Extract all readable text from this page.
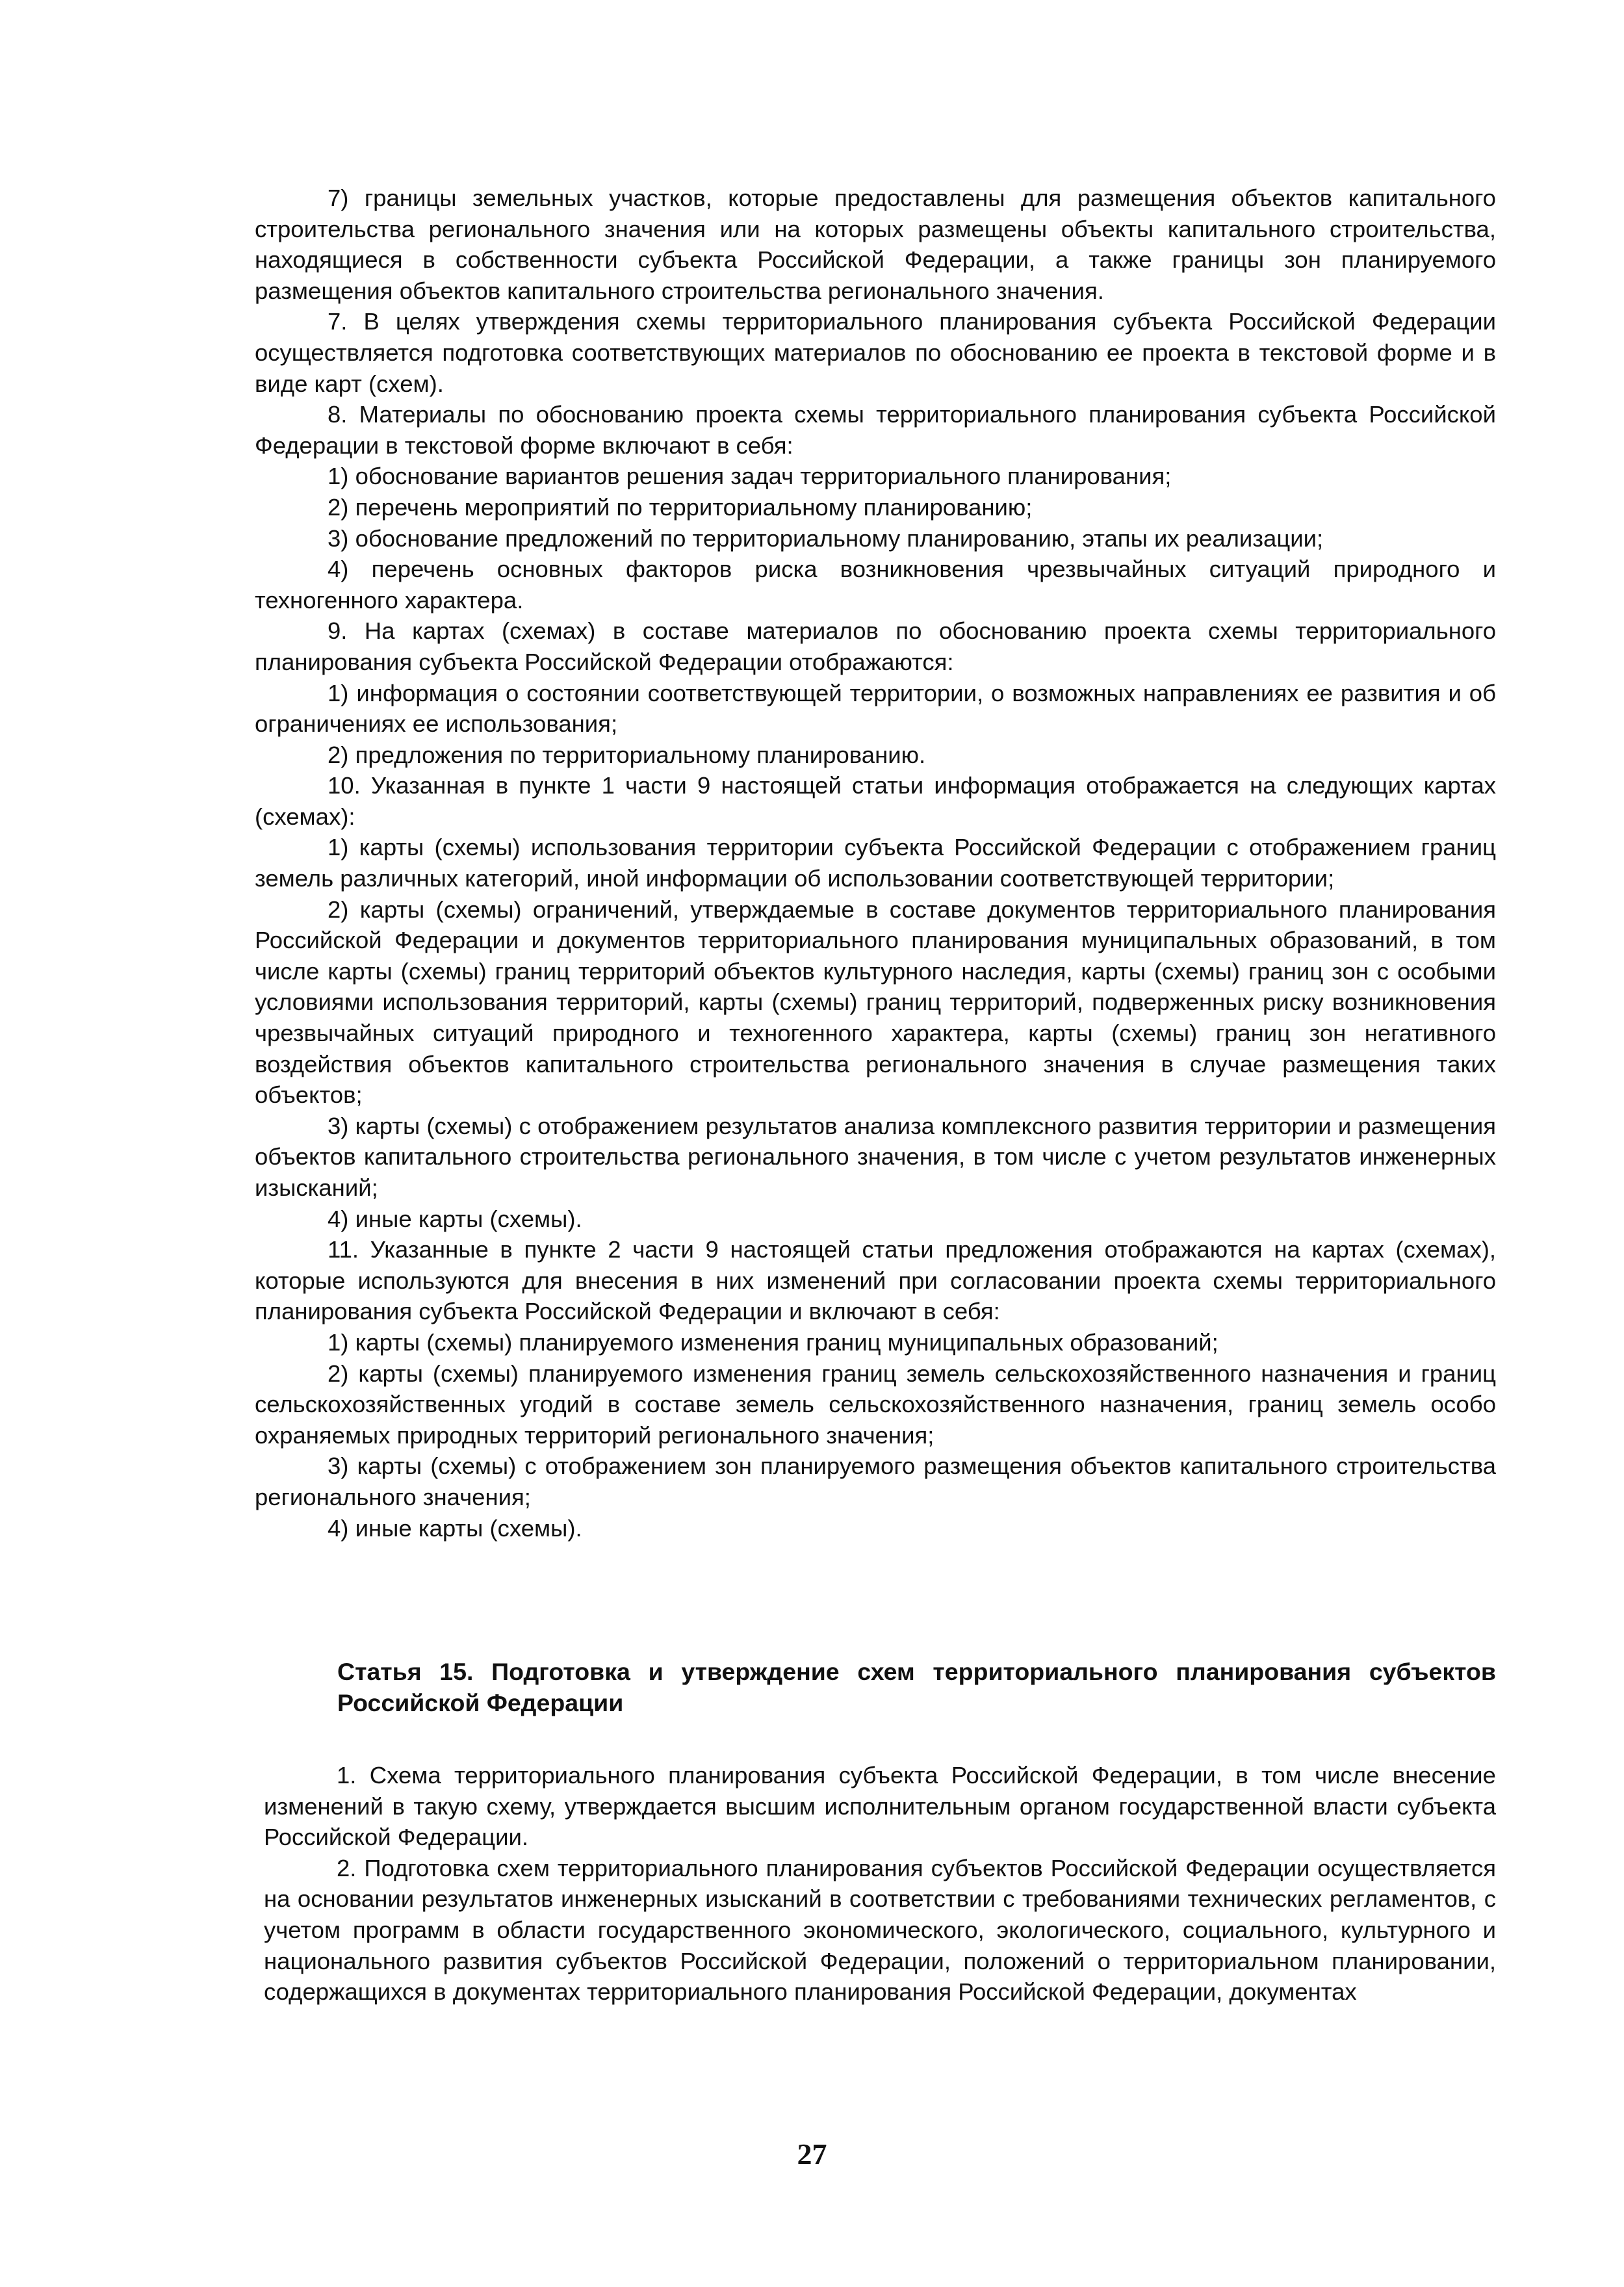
7) границы земельных участков, которые предоставлены для размещения объектов капитального строительства регионального значения или на которых размещены объекты капитального строительства, находящиеся в собственности субъекта Российской Федерации, а также границы зон планируемого размещения объектов капитального строительства регионального значения.

7. В целях утверждения схемы территориального планирования субъекта Российской Федерации осуществляется подготовка соответствующих материалов по обоснованию ее проекта в текстовой форме и в виде карт (схем).

8. Материалы по обоснованию проекта схемы территориального планирования субъекта Российской Федерации в текстовой форме включают в себя:

1) обоснование вариантов решения задач территориального планирования;

2) перечень мероприятий по территориальному планированию;

3) обоснование предложений по территориальному планированию, этапы их реализации;

4) перечень основных факторов риска возникновения чрезвычайных ситуаций природного и техногенного характера.

9. На картах (схемах) в составе материалов по обоснованию проекта схемы территориального планирования субъекта Российской Федерации отображаются:

1) информация о состоянии соответствующей территории, о возможных направлениях ее развития и об ограничениях ее использования;

2) предложения по территориальному планированию.

10. Указанная в пункте 1 части 9 настоящей статьи информация отображается на следующих картах (схемах):

1) карты (схемы) использования территории субъекта Российской Федерации с отображением границ земель различных категорий, иной информации об использовании соответствующей территории;

2) карты (схемы) ограничений, утверждаемые в составе документов территориального планирования Российской Федерации и документов территориального планирования муниципальных образований, в том числе карты (схемы) границ территорий объектов культурного наследия, карты (схемы) границ зон с особыми условиями использования территорий, карты (схемы) границ территорий, подверженных риску возникновения чрезвычайных ситуаций природного и техногенного характера, карты (схемы) границ зон негативного воздействия объектов капитального строительства регионального значения в случае размещения таких объектов;

3) карты (схемы) с отображением результатов анализа комплексного развития территории и размещения объектов капитального строительства регионального значения, в том числе с учетом результатов инженерных изысканий;

4) иные карты (схемы).

11. Указанные в пункте 2 части 9 настоящей статьи предложения отображаются на картах (схемах), которые используются для внесения в них изменений при согласовании проекта схемы территориального планирования субъекта Российской Федерации и включают в себя:

1) карты (схемы) планируемого изменения границ муниципальных образований;

2) карты (схемы) планируемого изменения границ земель сельскохозяйственного назначения и границ сельскохозяйственных угодий в составе земель сельскохозяйственного назначения, границ земель особо охраняемых природных территорий регионального значения;

3) карты (схемы) с отображением зон планируемого размещения объектов капитального строительства регионального значения;

4) иные карты (схемы).

Статья 15. Подготовка и утверждение схем территориального планирования субъектов Российской Федерации

1. Схема территориального планирования субъекта Российской Федерации, в том числе внесение изменений в такую схему, утверждается высшим исполнительным органом государственной власти субъекта Российской Федерации.

2. Подготовка схем территориального планирования субъектов Российской Федерации осуществляется на основании результатов инженерных изысканий в соответствии с требованиями технических регламентов, с учетом программ в области государственного экономического, экологического, социального, культурного и национального развития субъектов Российской Федерации, положений о территориальном планировании, содержащихся в документах территориального планирования Российской Федерации, документах

27
